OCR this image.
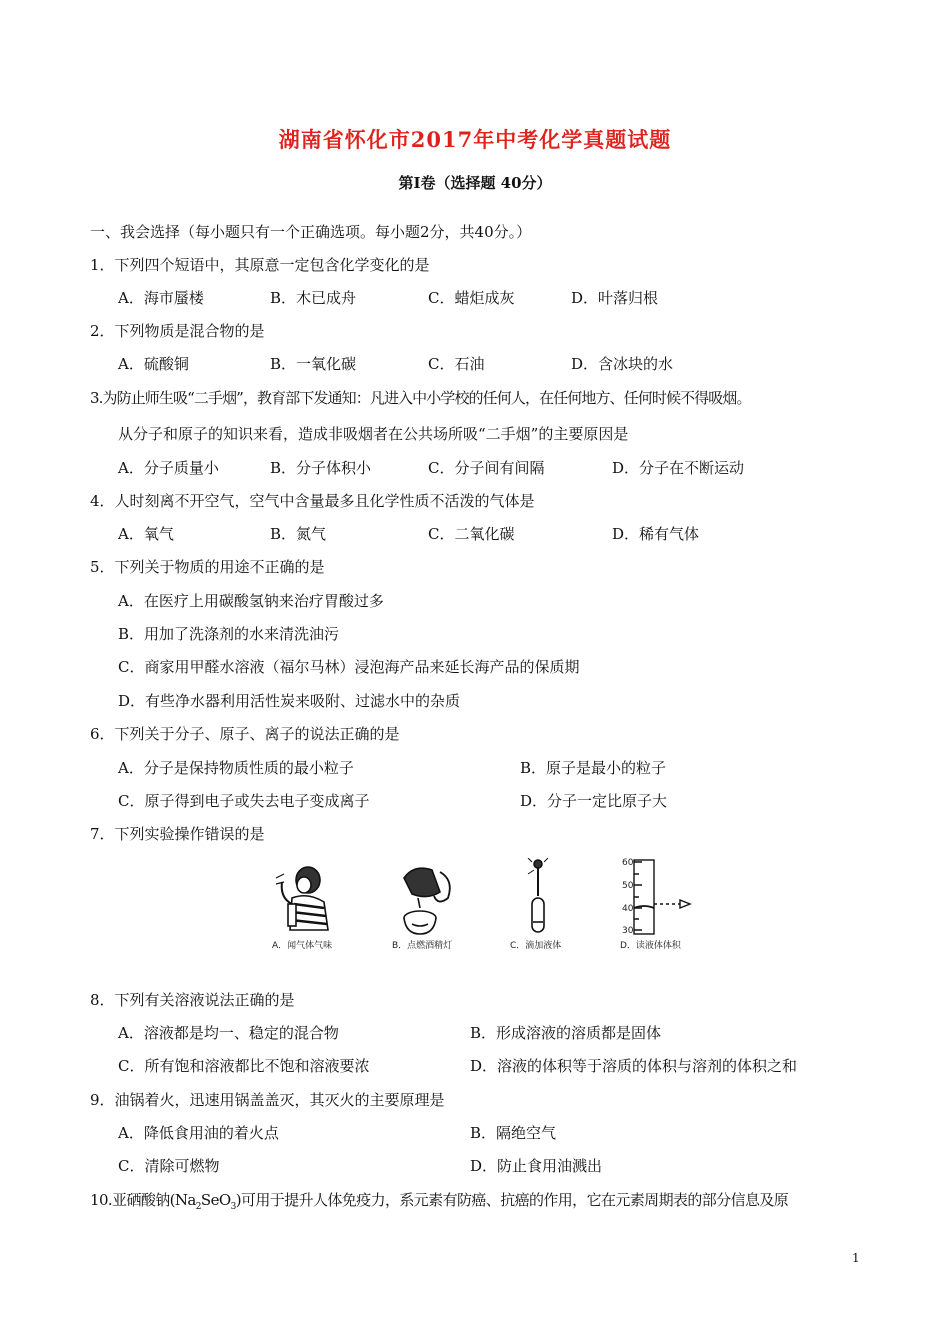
湖南省怀化市2017年中考化学真题试题
第Ⅰ卷（选择题 40分）
一、我会选择（每小题只有一个正确选项。每小题2分，共40分。）
1．下列四个短语中，其原意一定包含化学变化的是
A．海市蜃楼	B．木已成舟	C．蜡炬成灰	D．叶落归根
2．下列物质是混合物的是
A．硫酸铜	B．一氧化碳	C．石油	D．含冰块的水
3.为防止师生吸“二手烟”，教育部下发通知：凡进入中小学校的任何人，在任何地方、任何时候不得吸烟。
从分子和原子的知识来看，造成非吸烟者在公共场所吸“二手烟”的主要原因是
A．分子质量小	B．分子体积小	C．分子间有间隔	D．分子在不断运动
4．人时刻离不开空气，空气中含量最多且化学性质不活泼的气体是
A．氧气	B．氮气	C．二氧化碳	D．稀有气体
5．下列关于物质的用途不正确的是
A．在医疗上用碳酸氢钠来治疗胃酸过多
B．用加了洗涤剂的水来清洗油污
C．商家用甲醛水溶液（福尔马林）浸泡海产品来延长海产品的保质期
D．有些净水器利用活性炭来吸附、过滤水中的杂质
6．下列关于分子、原子、离子的说法正确的是
A．分子是保持物质性质的最小粒子	B．原子是最小的粒子
C．原子得到电子或失去电子变成离子	D．分子一定比原子大
7．下列实验操作错误的是
A．闻气体气味	B．点燃酒精灯	C．滴加液体
60
50
40
30
D．读液体体积
8．下列有关溶液说法正确的是
A．溶液都是均一、稳定的混合物	B．形成溶液的溶质都是固体
C．所有饱和溶液都比不饱和溶液要浓	D．溶液的体积等于溶质的体积与溶剂的体积之和
9．油锅着火，迅速用锅盖盖灭，其灭火的主要原理是
A．降低食用油的着火点	B．隔绝空气
C．清除可燃物	D．防止食用油溅出
10.亚硒酸钠$(Na_2SeO_3)$可用于提升人体免疫力，系元素有防癌、抗癌的作用，它在元素周期表的部分信息及原
1
